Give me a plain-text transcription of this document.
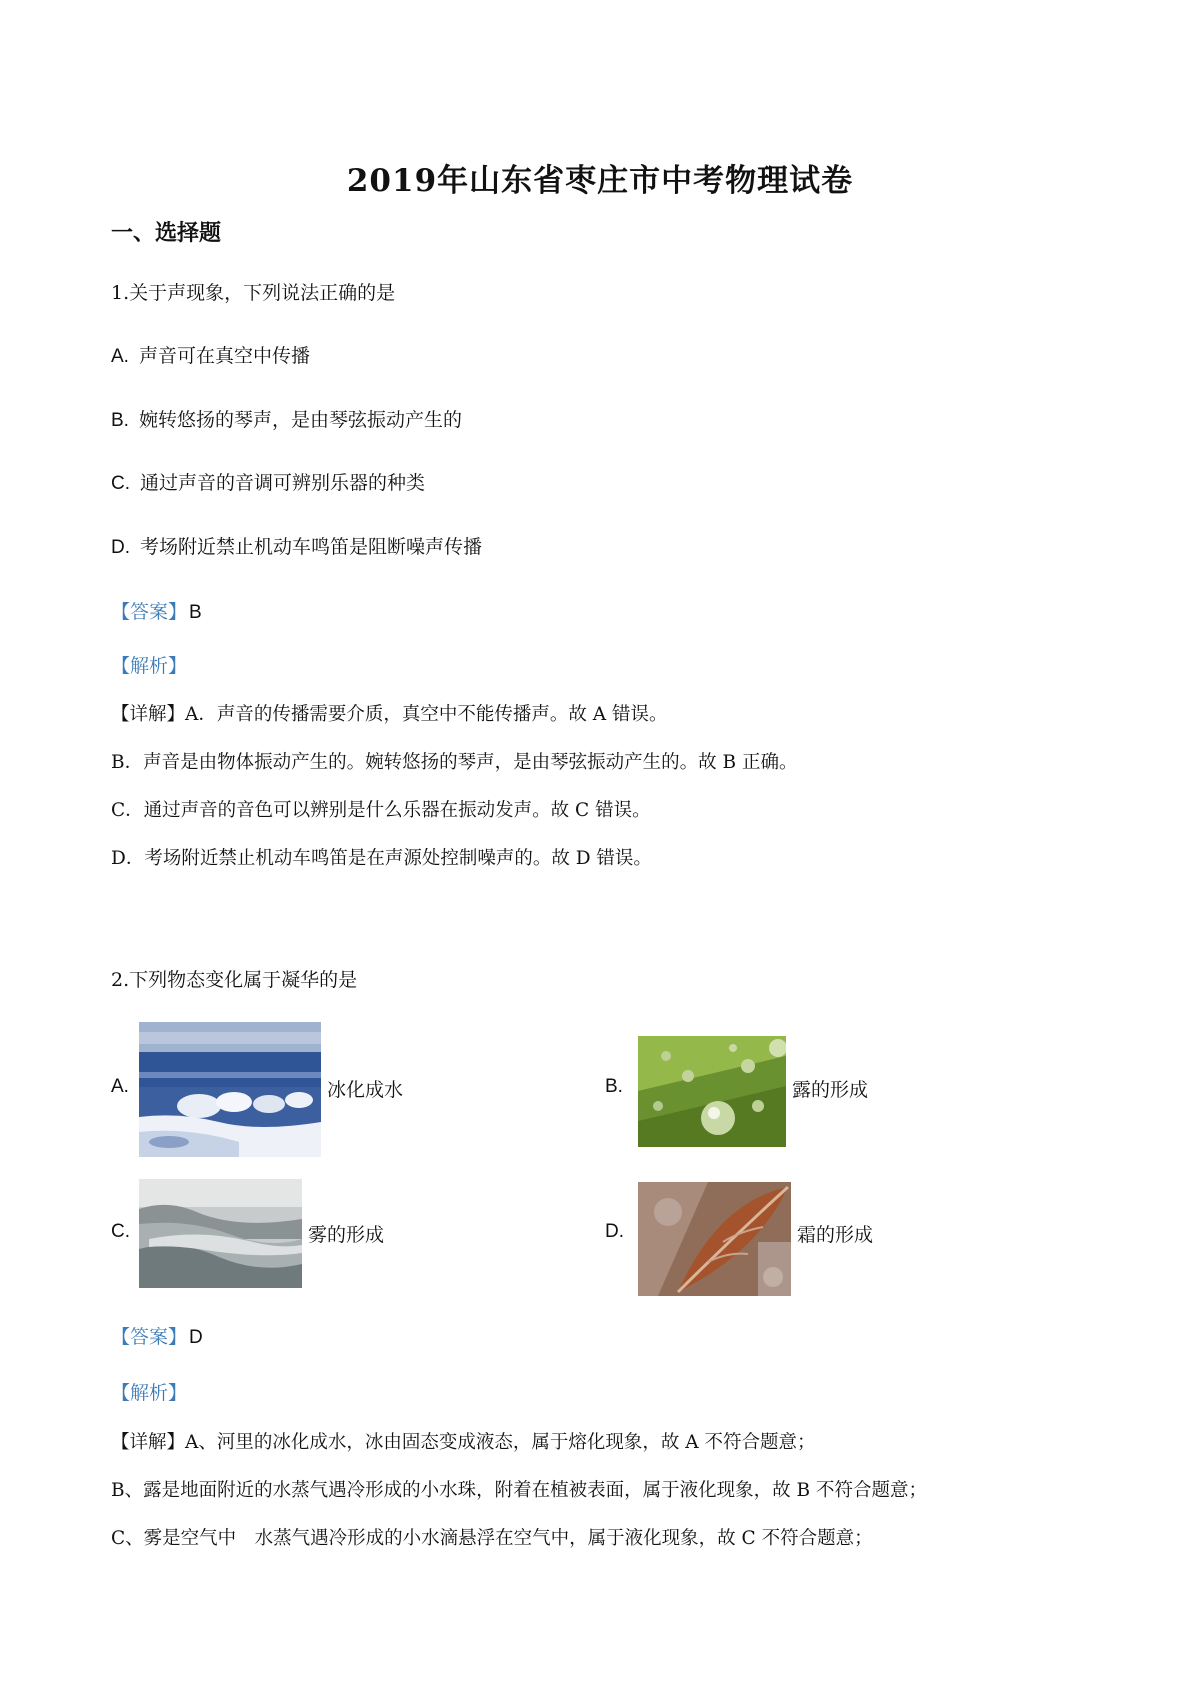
2019年山东省枣庄市中考物理试卷
一、选择题
1.关于声现象，下列说法正确的是
A. 声音可在真空中传播
B. 婉转悠扬的琴声，是由琴弦振动产生的
C. 通过声音的音调可辨别乐器的种类
D. 考场附近禁止机动车鸣笛是阻断噪声传播
【答案】 B
【解析】
【详解】A．声音的传播需要介质，真空中不能传播声。故 A 错误。
B．声音是由物体振动产生的。婉转悠扬的琴声，是由琴弦振动产生的。故 B 正确。
C．通过声音的音色可以辨别是什么乐器在振动发声。故 C 错误。
D．考场附近禁止机动车鸣笛是在声源处控制噪声的。故 D 错误。
2.下列物态变化属于凝华的是
A.	冰化成水	B.	露的形成
C.	雾的形成	D.	霜的形成
【答案】 D
【解析】
【详解】A、河里的冰化成水，冰由固态变成液态，属于熔化现象，故 A 不符合题意；
B、露是地面附近的水蒸气遇冷形成的小水珠，附着在植被表面，属于液化现象，故 B 不符合题意；
C、雾是空气中　水蒸气遇冷形成的小水滴悬浮在空气中，属于液化现象，故 C 不符合题意；
